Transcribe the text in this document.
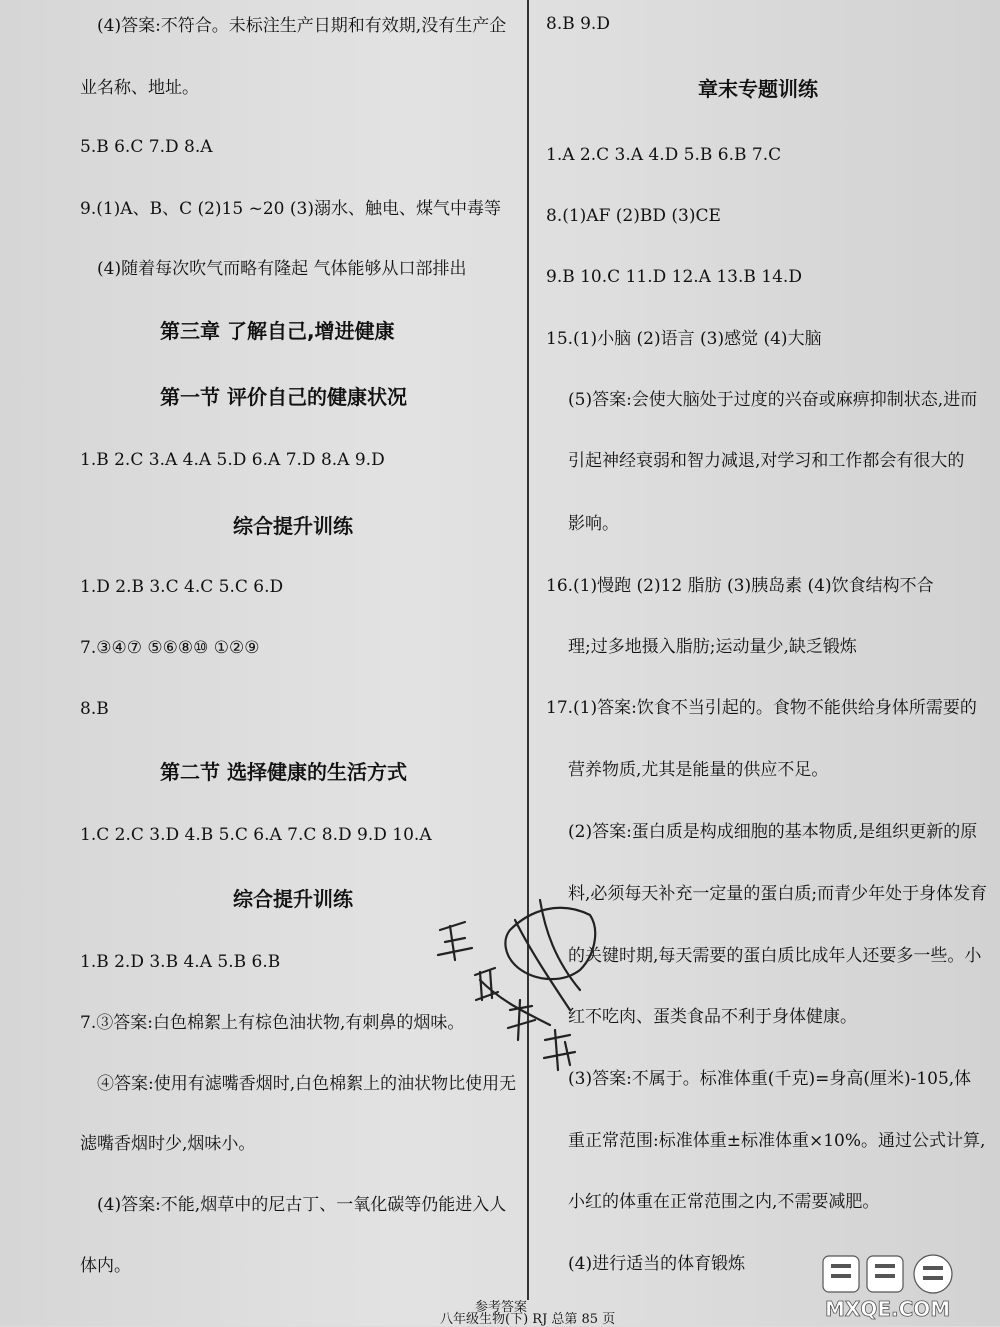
(4)答案:不符合。未标注生产日期和有效期,没有生产企
业名称、地址。
5.B 6.C 7.D 8.A
9.(1)A、B、C (2)15 ~20 (3)溺水、触电、煤气中毒等
(4)随着每次吹气而略有隆起 气体能够从口部排出
第三章 了解自己,增进健康
第一节 评价自己的健康状况
1.B 2.C 3.A 4.A 5.D 6.A 7.D 8.A 9.D
综合提升训练
1.D 2.B 3.C 4.C 5.C 6.D
7.③④⑦ ⑤⑥⑧⑩ ①②⑨
8.B
第二节 选择健康的生活方式
1.C 2.C 3.D 4.B 5.C 6.A 7.C 8.D 9.D 10.A
综合提升训练
1.B 2.D 3.B 4.A 5.B 6.B
7.③答案:白色棉絮上有棕色油状物,有刺鼻的烟味。
④答案:使用有滤嘴香烟时,白色棉絮上的油状物比使用无
滤嘴香烟时少,烟味小。
(4)答案:不能,烟草中的尼古丁、一氧化碳等仍能进入人
体内。
8.B 9.D
章末专题训练
1.A 2.C 3.A 4.D 5.B 6.B 7.C
8.(1)AF (2)BD (3)CE
9.B 10.C 11.D 12.A 13.B 14.D
15.(1)小脑 (2)语言 (3)感觉 (4)大脑
(5)答案:会使大脑处于过度的兴奋或麻痹抑制状态,进而
引起神经衰弱和智力减退,对学习和工作都会有很大的
影响。
16.(1)慢跑 (2)12 脂肪 (3)胰岛素 (4)饮食结构不合
理;过多地摄入脂肪;运动量少,缺乏锻炼
17.(1)答案:饮食不当引起的。食物不能供给身体所需要的
营养物质,尤其是能量的供应不足。
(2)答案:蛋白质是构成细胞的基本物质,是组织更新的原
料,必须每天补充一定量的蛋白质;而青少年处于身体发育
的关键时期,每天需要的蛋白质比成年人还要多一些。小
红不吃肉、蛋类食品不利于身体健康。
(3)答案:不属于。标准体重(千克)=身高(厘米)-105,体
重正常范围:标准体重±标准体重×10%。通过公式计算,
小红的体重在正常范围之内,不需要减肥。
(4)进行适当的体育锻炼
参考答案
八年级生物(下) RJ 总第 85 页
互助文档
MXQE.COM
